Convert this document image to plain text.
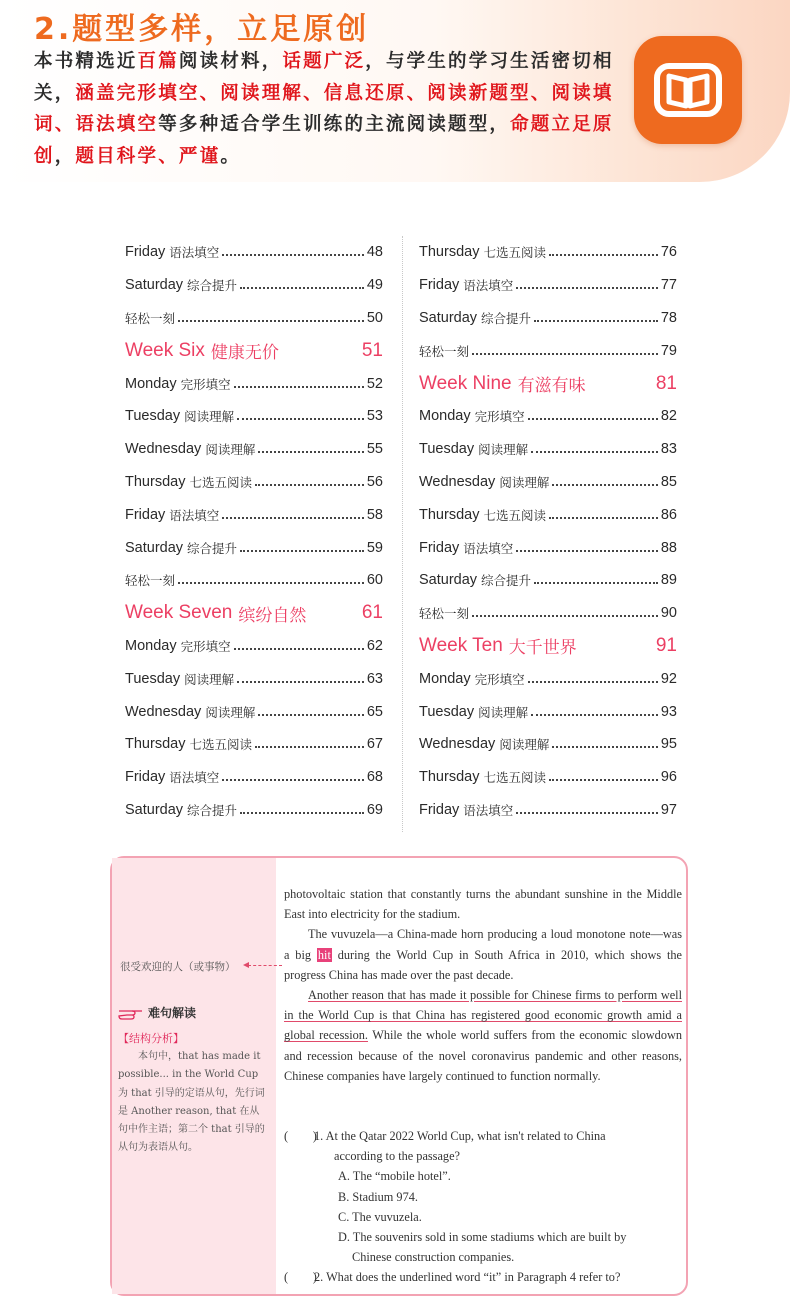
2.题型多样，立足原创
本书精选近百篇阅读材料，话题广泛，与学生的学习生活密切相关，涵盖完形填空、阅读理解、信息还原、阅读新题型、阅读填词、语法填空等多种适合学生训练的主流阅读题型，命题立足原创，题目科学、严谨。
Friday 语法填空	48
Saturday 综合提升	49
轻松一刻	50
Week Six 健康无价	51
Monday 完形填空	52
Tuesday 阅读理解	53
Wednesday 阅读理解	55
Thursday 七选五阅读	56
Friday 语法填空	58
Saturday 综合提升	59
轻松一刻	60
Week Seven 缤纷自然	61
Monday 完形填空	62
Tuesday 阅读理解	63
Wednesday 阅读理解	65
Thursday 七选五阅读	67
Friday 语法填空	68
Saturday 综合提升	69
Thursday 七选五阅读	76
Friday 语法填空	77
Saturday 综合提升	78
轻松一刻	79
Week Nine 有滋有味	81
Monday 完形填空	82
Tuesday 阅读理解	83
Wednesday 阅读理解	85
Thursday 七选五阅读	86
Friday 语法填空	88
Saturday 综合提升	89
轻松一刻	90
Week Ten 大千世界	91
Monday 完形填空	92
Tuesday 阅读理解	93
Wednesday 阅读理解	95
Thursday 七选五阅读	96
Friday 语法填空	97
很受欢迎的人（或事物）
难句解读
【结构分析】
本句中，that has made it possible... in the World Cup 为 that 引导的定语从句，先行词是 Another reason, that 在从句中作主语；第二个 that 引导的从句为表语从句。

photovoltaic station that constantly turns the abundant sunshine in the Middle East into electricity for the stadium.

The vuvuzela—a China-made horn producing a loud monotone note—was a big hit during the World Cup in South Africa in 2010, which shows the progress China has made over the past decade.

Another reason that has made it possible for Chinese firms to perform well in the World Cup is that China has registered good economic growth amid a global recession. While the whole world suffers from the economic slowdown and recession because of the novel coronavirus pandemic and other reasons, Chinese companies have largely continued to function normally.

(　　)
1. At the Qatar 2022 World Cup, what isn't related to China
according to the passage?
A. The “mobile hotel”.
B. Stadium 974.
C. The vuvuzela.
D. The souvenirs sold in some stadiums which are built by
Chinese construction companies.
(　　)
2. What does the underlined word “it” in Paragraph 4 refer to?
